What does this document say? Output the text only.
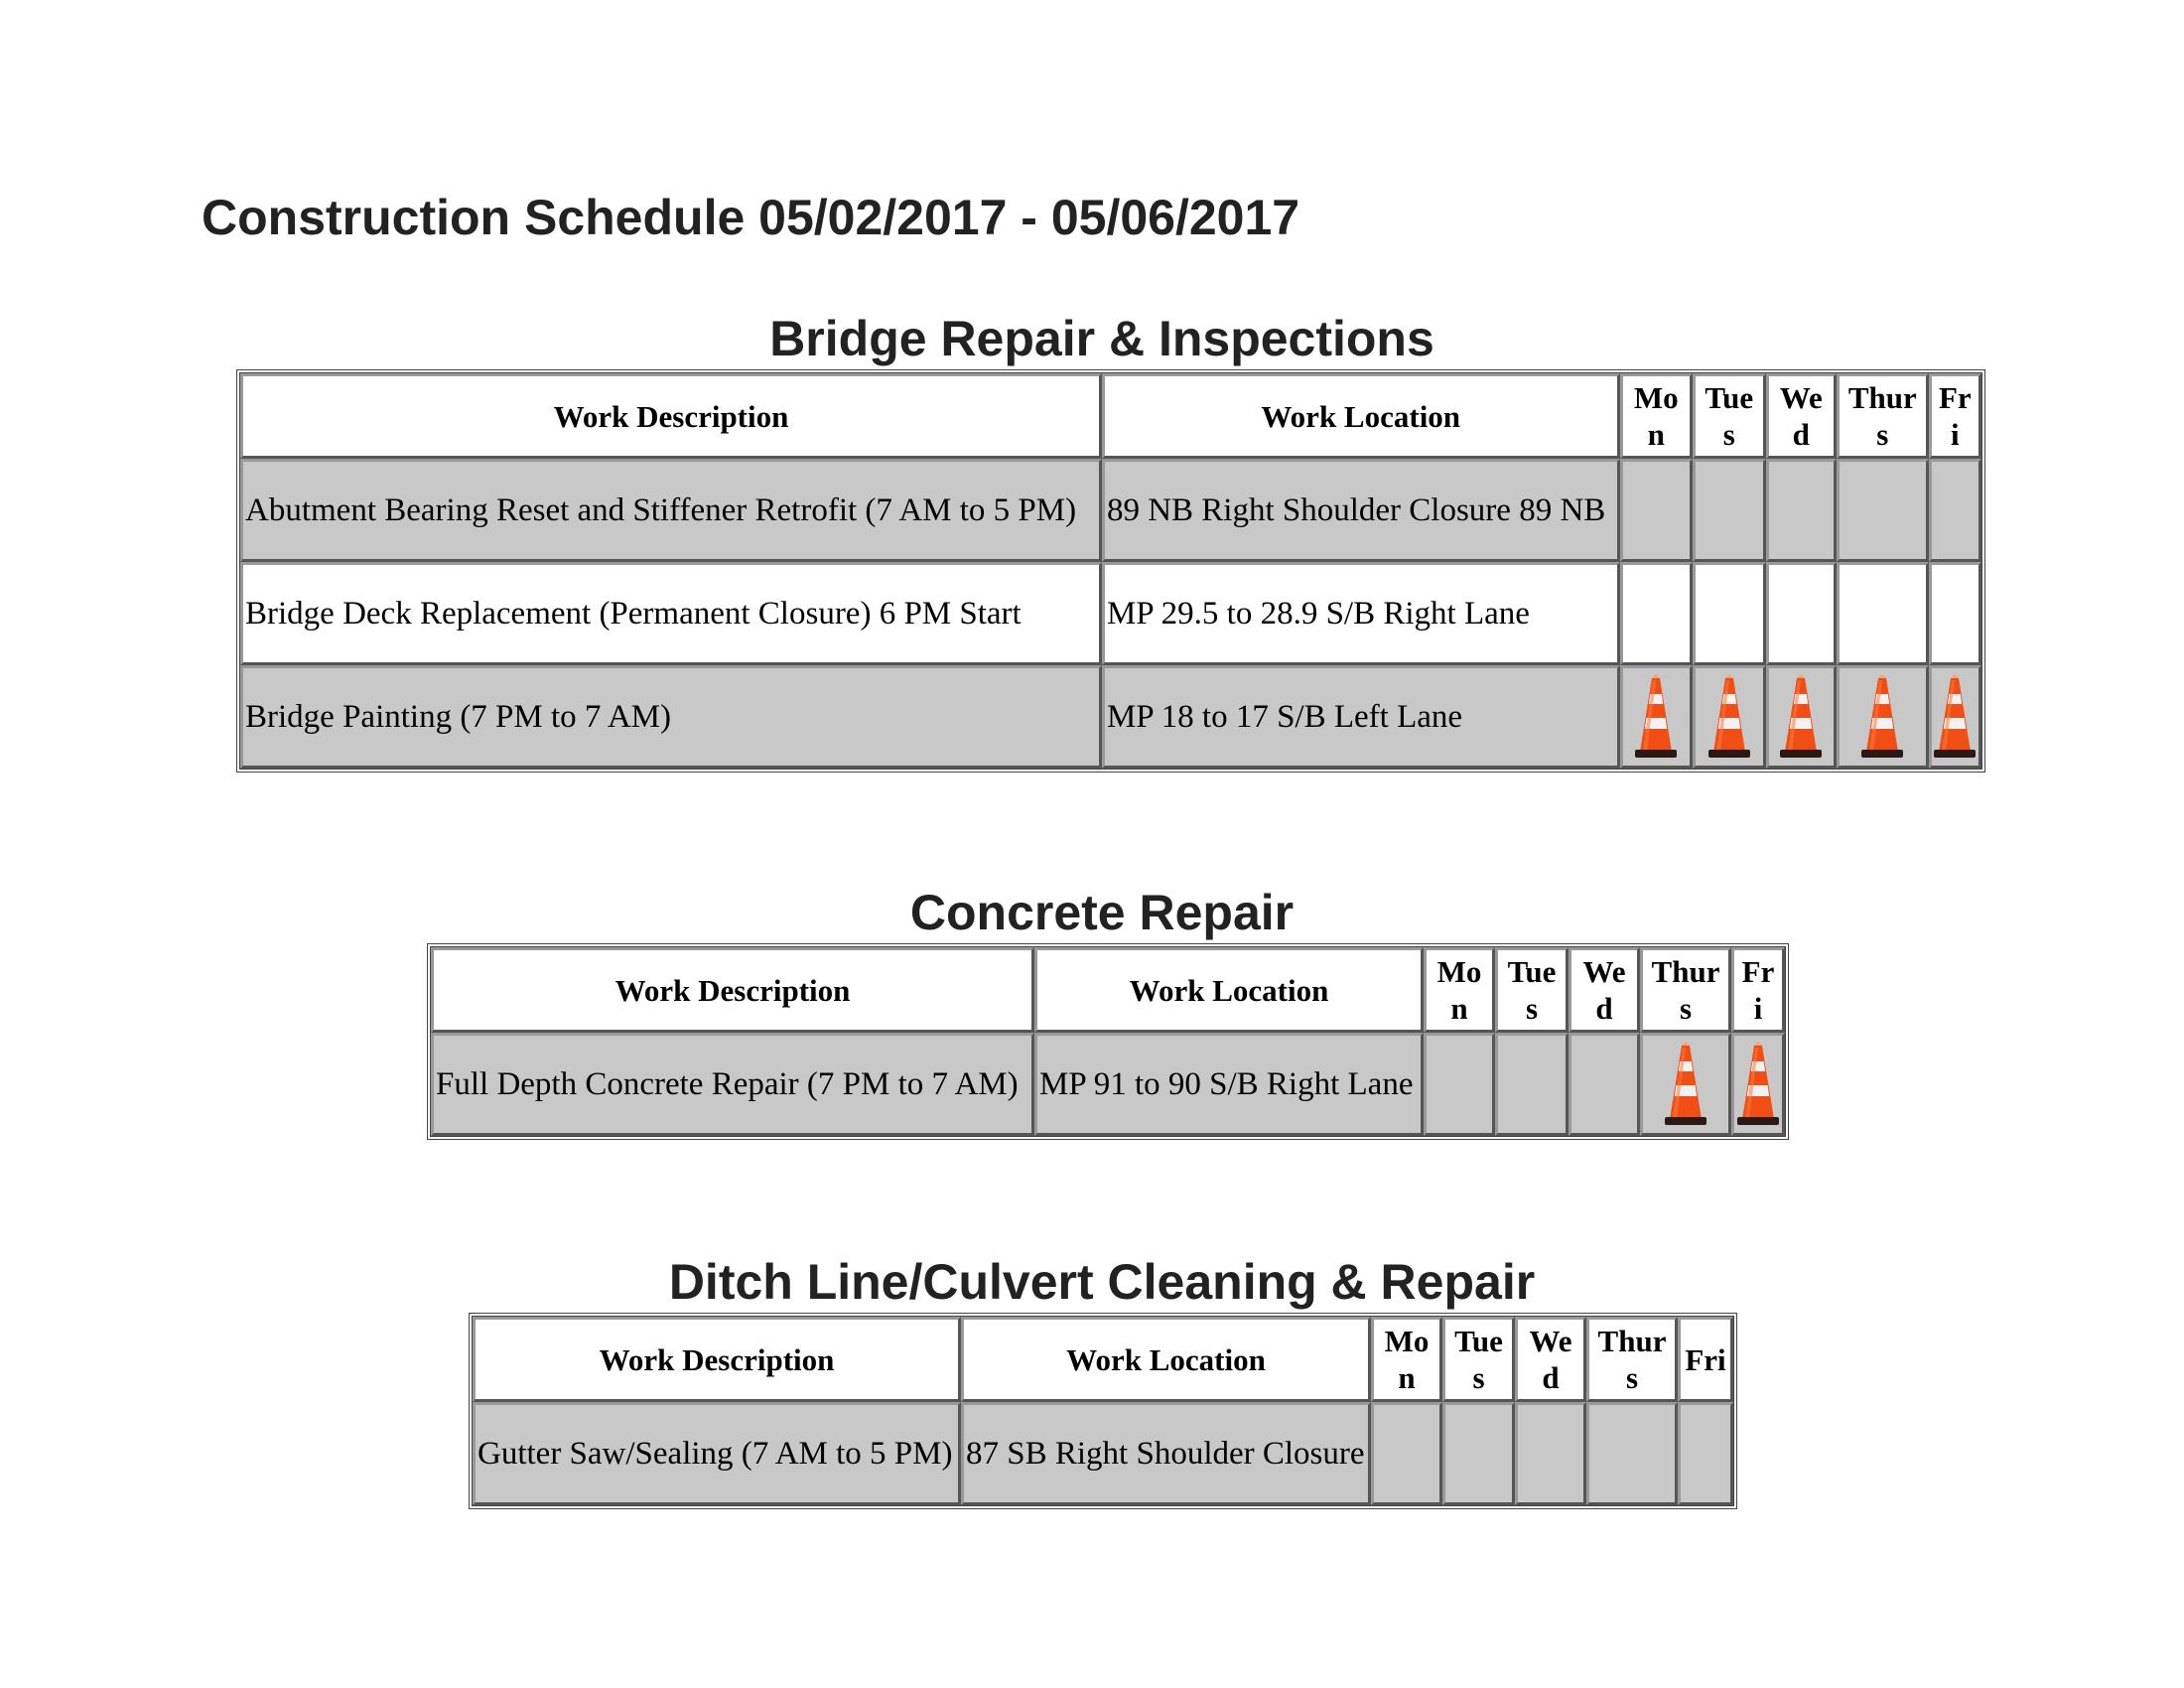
Construction Schedule 05/02/2017 - 05/06/2017
Bridge Repair & Inspections
Work Description	Work Location	Mon	Tues	Wed	Thurs	Fri
Abutment Bearing Reset and Stiffener Retrofit (7 AM to 5 PM)	89 NB Right Shoulder Closure 89 NB					
Bridge Deck Replacement (Permanent Closure) 6 PM Start	MP 29.5 to 28.9 S/B Right Lane					
Bridge Painting (7 PM to 7 AM)	MP 18 to 17 S/B Left Lane	

Concrete Repair
Work Description	Work Location	Mon	Tues	Wed	Thurs	Fri
Full Depth Concrete Repair (7 PM to 7 AM)	MP 91 to 90 S/B Right Lane				

Ditch Line/Culvert Cleaning & Repair
Work Description	Work Location	Mon	Tues	Wed	Thurs	Fri
Gutter Saw/Sealing (7 AM to 5 PM)	87 SB Right Shoulder Closure					
